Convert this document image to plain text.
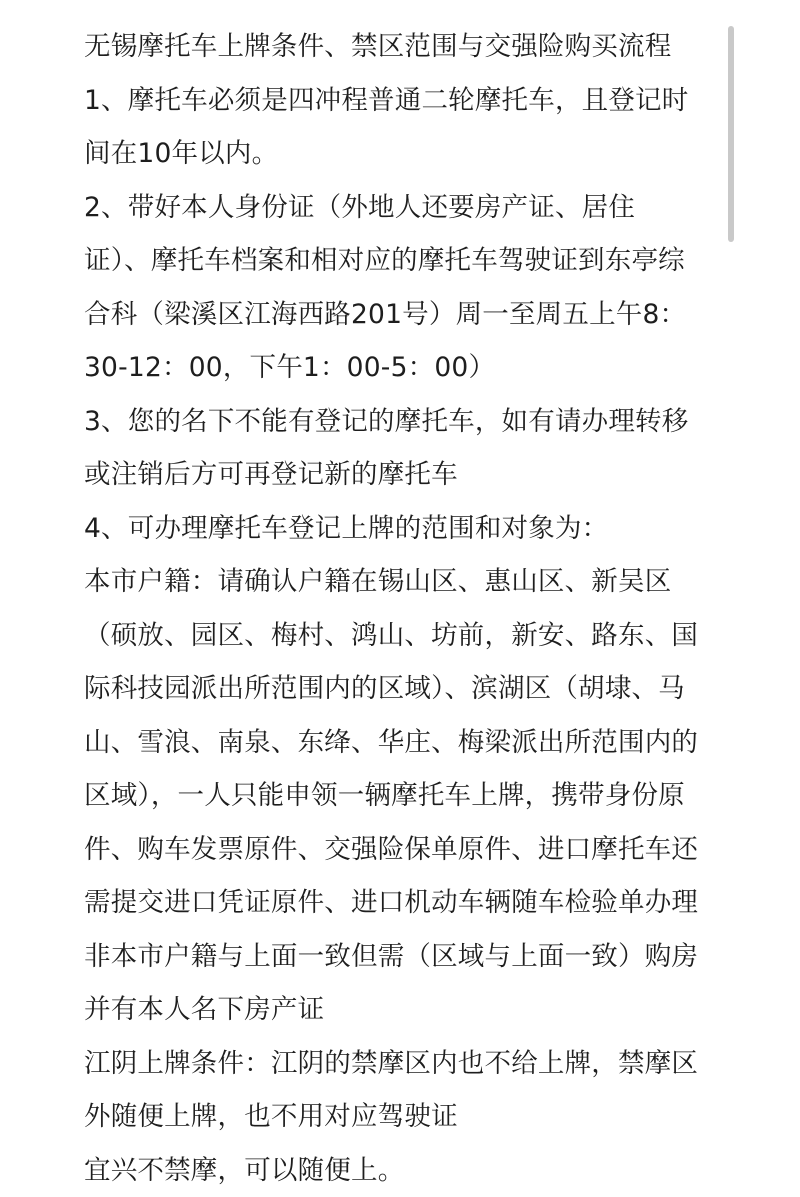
无锡摩托车上牌条件、禁区范围与交强险购买流程
1、摩托车必须是四冲程普通二轮摩托车，且登记时
间在10年以内。
2、带好本人身份证（外地人还要房产证、居住
证）、摩托车档案和相对应的摩托车驾驶证到东亭综
合科（梁溪区江海西路201号）周一至周五上午8：
30-12：00，下午1：00-5：00）
3、您的名下不能有登记的摩托车，如有请办理转移
或注销后方可再登记新的摩托车
4、可办理摩托车登记上牌的范围和对象为：
本市户籍：请确认户籍在锡山区、惠山区、新吴区
（硕放、园区、梅村、鸿山、坊前，新安、路东、国
际科技园派出所范围内的区域）、滨湖区（胡埭、马
山、雪浪、南泉、东绛、华庄、梅梁派出所范围内的
区域），一人只能申领一辆摩托车上牌，携带身份原
件、购车发票原件、交强险保单原件、进口摩托车还
需提交进口凭证原件、进口机动车辆随车检验单办理
非本市户籍与上面一致但需（区域与上面一致）购房
并有本人名下房产证
江阴上牌条件：江阴的禁摩区内也不给上牌，禁摩区
外随便上牌，也不用对应驾驶证
宜兴不禁摩，可以随便上。
